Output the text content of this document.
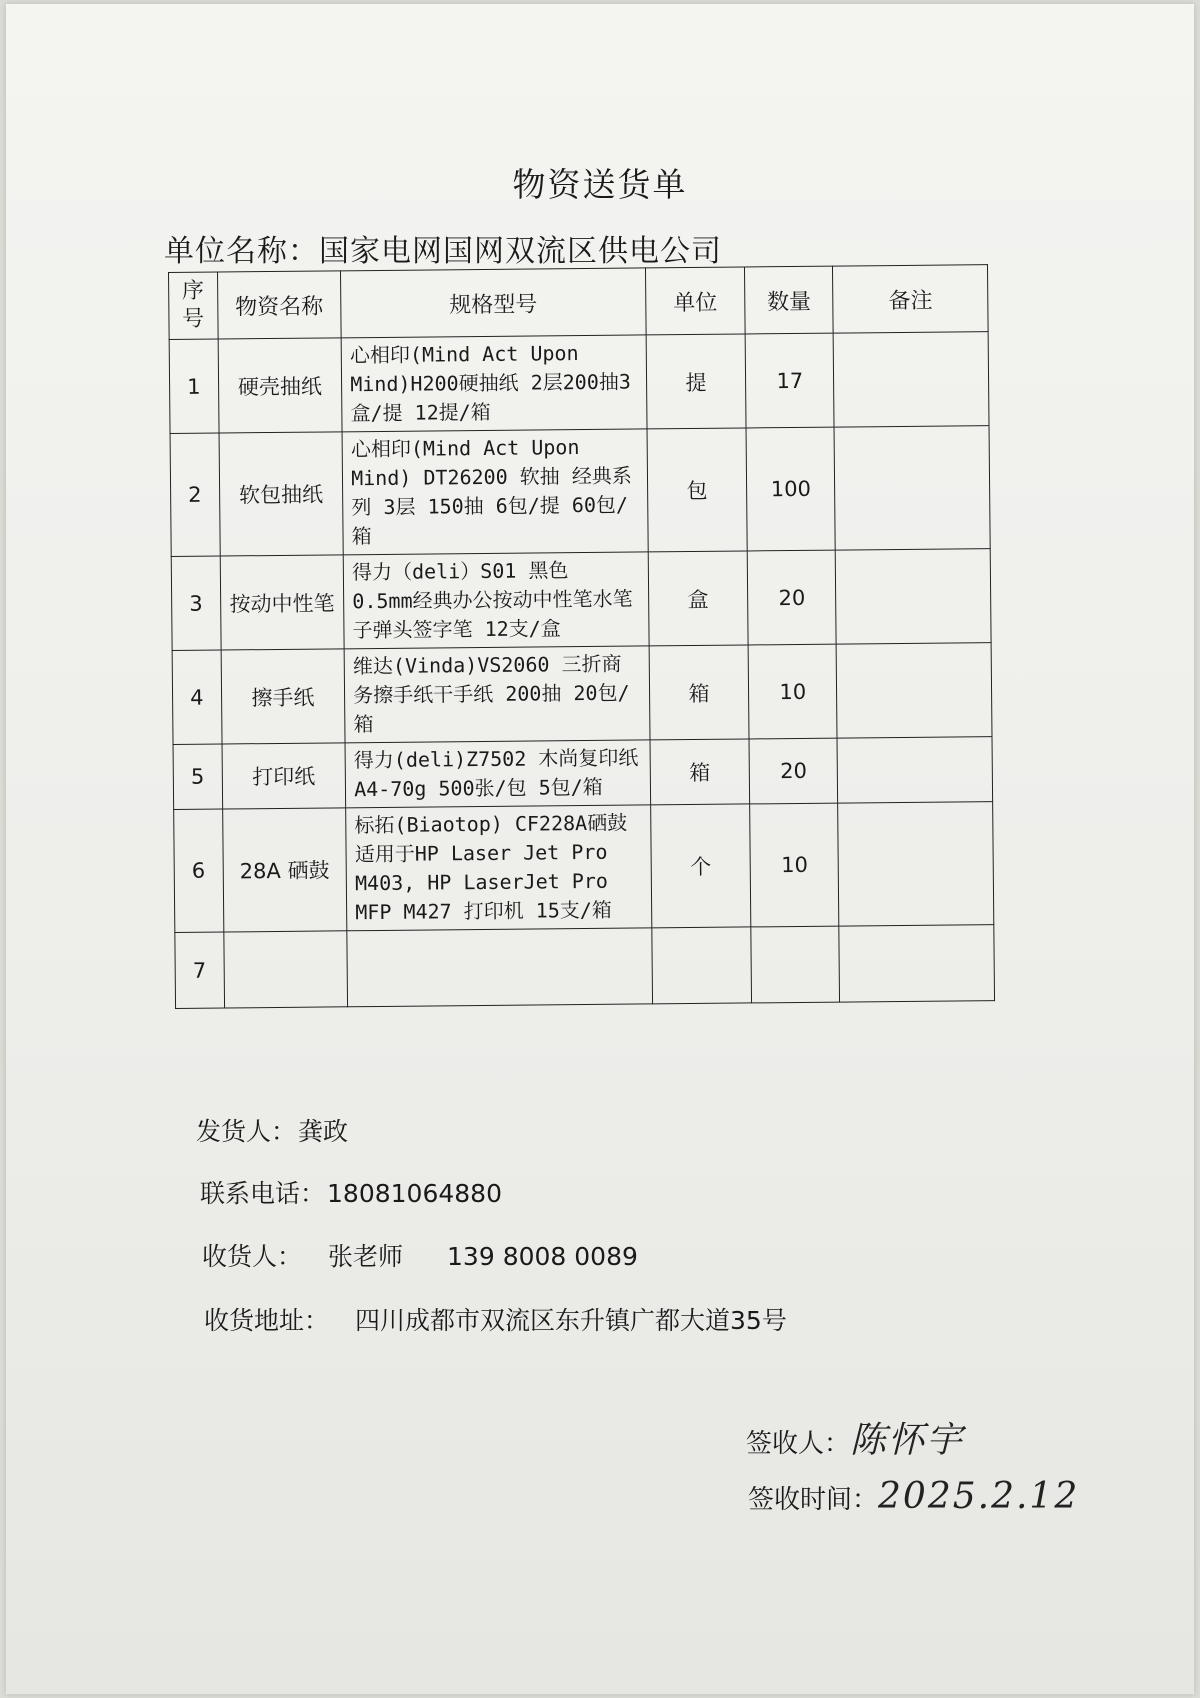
物资送货单
单位名称：国家电网国网双流区供电公司
序号	物资名称	规格型号	单位	数量	备注
1	硬壳抽纸	心相印(Mind Act Upon Mind)H200硬抽纸 2层200抽3盒/提 12提/箱	提	17	
2	软包抽纸	心相印(Mind Act Upon Mind) DT26200 软抽 经典系列 3层 150抽 6包/提 60包/箱	包	100	
3	按动中性笔	得力（deli）S01 黑色 0.5mm经典办公按动中性笔水笔 子弹头签字笔 12支/盒	盒	20	
4	擦手纸	维达(Vinda)VS2060 三折商务擦手纸干手纸 200抽 20包/箱	箱	10	
5	打印纸	得力(deli)Z7502 木尚复印纸 A4-70g 500张/包 5包/箱	箱	20	
6	28A 硒鼓	标拓(Biaotop) CF228A硒鼓 适用于HP Laser Jet Pro M403, HP LaserJet Pro MFP M427 打印机 15支/箱	个	10	
7					
发货人：龚政
联系电话：18081064880
收货人： 张老师 139 8008 0089
收货地址： 四川成都市双流区东升镇广都大道35号
签收人：陈怀宇
签收时间：2025.2.12
